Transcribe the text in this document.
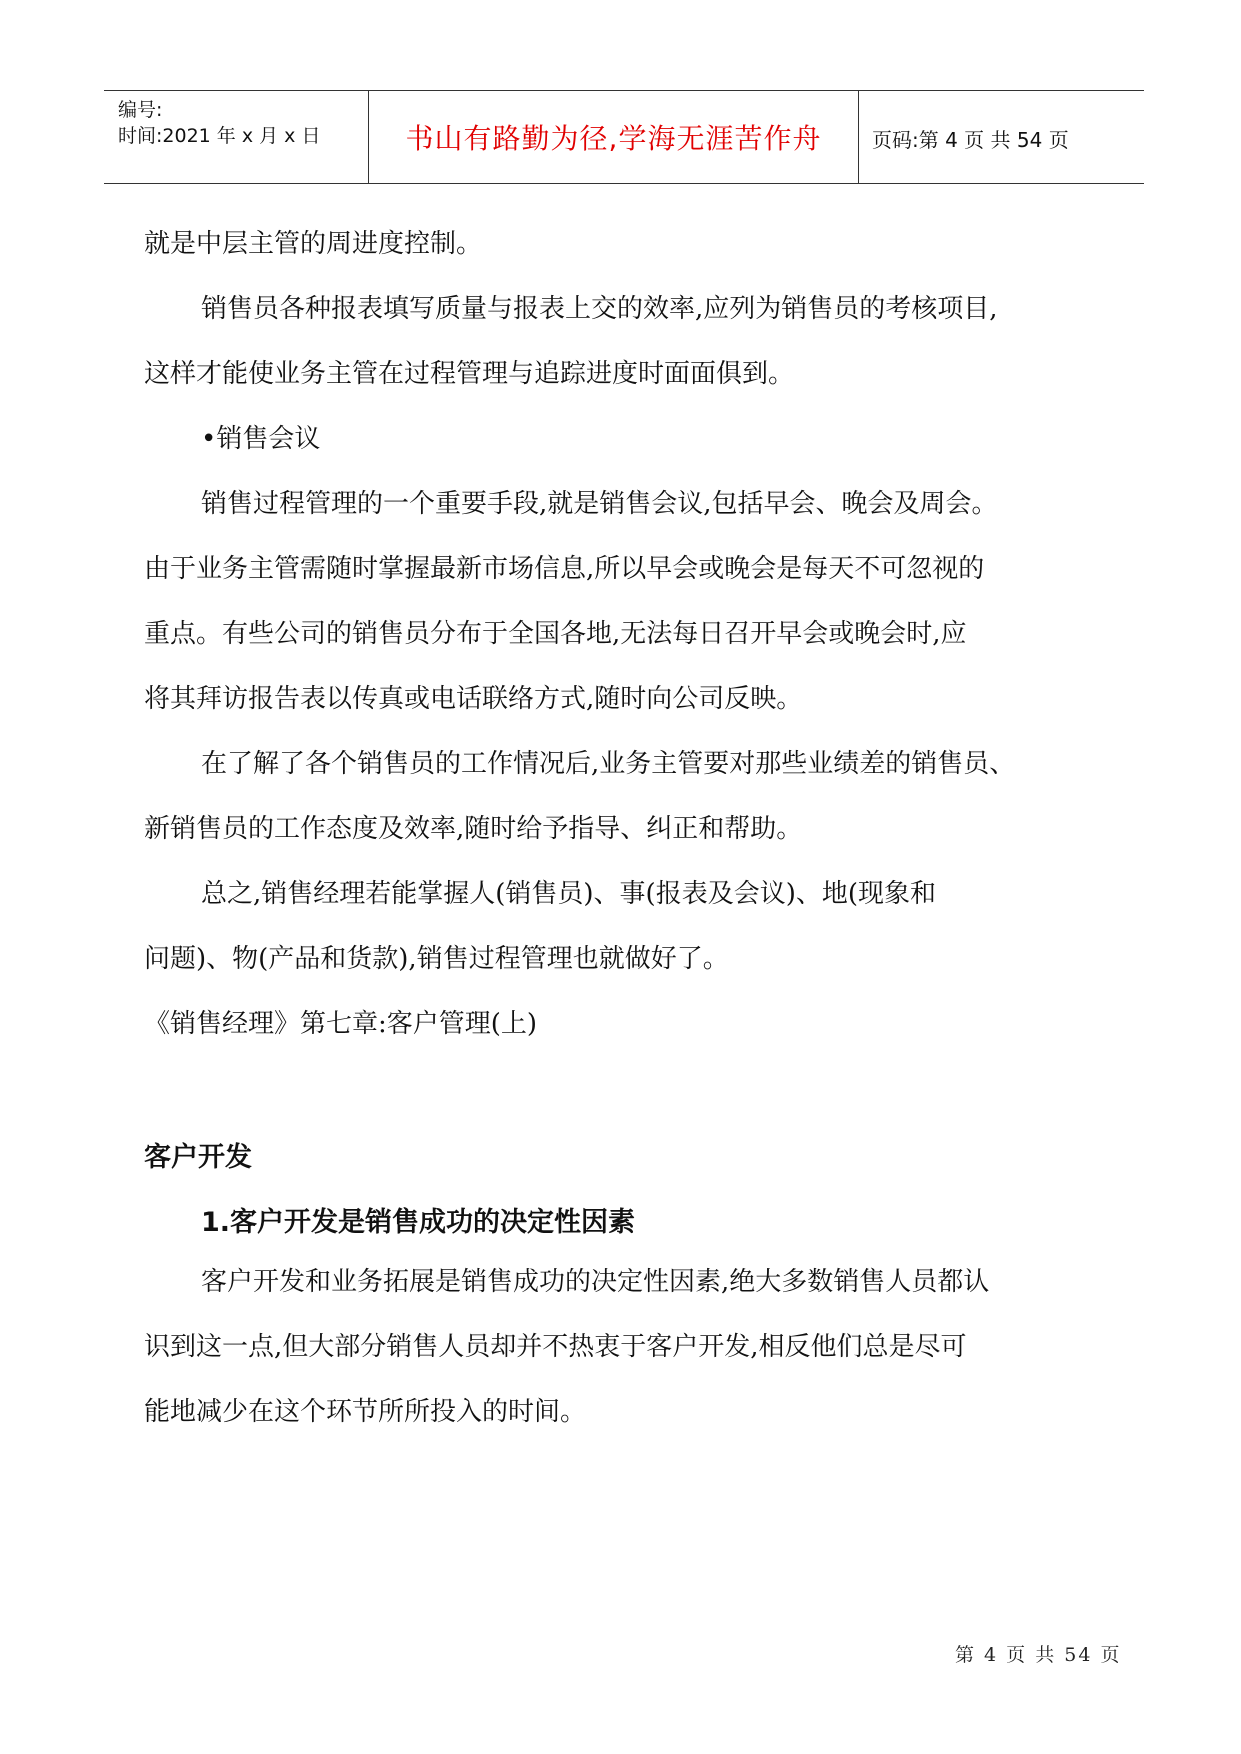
编号:
时间:2021 年 x 月 x 日	书山有路勤为径,学海无涯苦作舟	页码:第 4 页 共 54 页

就是中层主管的周进度控制。

销售员各种报表填写质量与报表上交的效率,应列为销售员的考核项目,

这样才能使业务主管在过程管理与追踪进度时面面俱到。

•销售会议

销售过程管理的一个重要手段,就是销售会议,包括早会、晚会及周会。

由于业务主管需随时掌握最新市场信息,所以早会或晚会是每天不可忽视的

重点。有些公司的销售员分布于全国各地,无法每日召开早会或晚会时,应

将其拜访报告表以传真或电话联络方式,随时向公司反映。

在了解了各个销售员的工作情况后,业务主管要对那些业绩差的销售员、

新销售员的工作态度及效率,随时给予指导、纠正和帮助。

总之,销售经理若能掌握人(销售员)、事(报表及会议)、地(现象和

问题)、物(产品和货款),销售过程管理也就做好了。

《销售经理》第七章:客户管理(上)

客户开发

1.客户开发是销售成功的决定性因素

客户开发和业务拓展是销售成功的决定性因素,绝大多数销售人员都认

识到这一点,但大部分销售人员却并不热衷于客户开发,相反他们总是尽可

能地减少在这个环节所所投入的时间。

第 4 页 共 54 页
